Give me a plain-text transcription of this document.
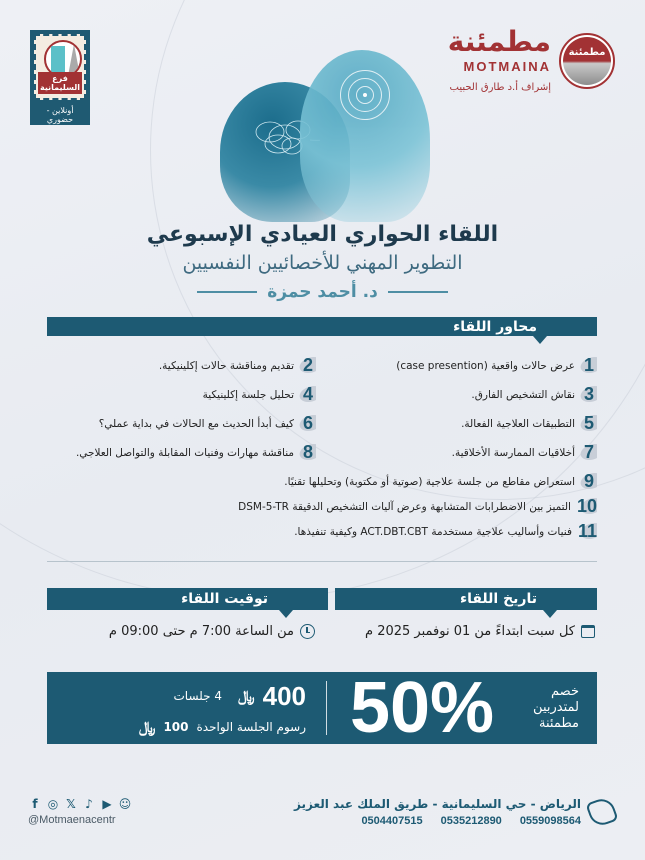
مطمئنة
MOTMAINA
إشراف أ.د طارق الحبيب
مطمئنة
فرع السليمانية
أونلاين - حضوري
اللقاء الحواري العيادي الإسبوعي
التطوير المهني للأخصائيين النفسيين
د. أحمد حمزة
محاور اللقاء
1
عرض حالات واقعية (case presention)
2
تقديم ومناقشة حالات إكلينيكية.
3
نقاش التشخيص الفارق.
4
تحليل جلسة إكلينيكية
5
التطبيقات العلاجية الفعالة.
6
كيف أبدأ الحديث مع الحالات في بداية عملي؟
7
أخلاقيات الممارسة الأخلاقية.
8
مناقشة مهارات وفنيات المقابلة والتواصل العلاجي.
9
استعراض مقاطع من جلسة علاجية (صوتية أو مكتوبة) وتحليلها تقنيًا.
10
التميز بين الاضطرابات المتشابهة وعرض آليات التشخيص الدقيقة DSM-5-TR
11
فنيات وأساليب علاجية مستخدمة ACT.DBT.CBT وكيفية تنفيذها.
تاريخ اللقاء
توقيت اللقاء
كل سبت ابتداءً من 01 نوفمبر 2025 م
من الساعة 7:00 م حتى 09:00 م
خصم
لمتدربين
مطمئنة
50%
400
﷼
4 جلسات
رسوم الجلسة الواحدة
100
﷼
الرياض - حي السليمانية - طريق الملك عبد العزيز
0559098564
0535212890
0504407515
f ◎ 𝕏 ♪ ▶ ☺
@Motmaenacentr
